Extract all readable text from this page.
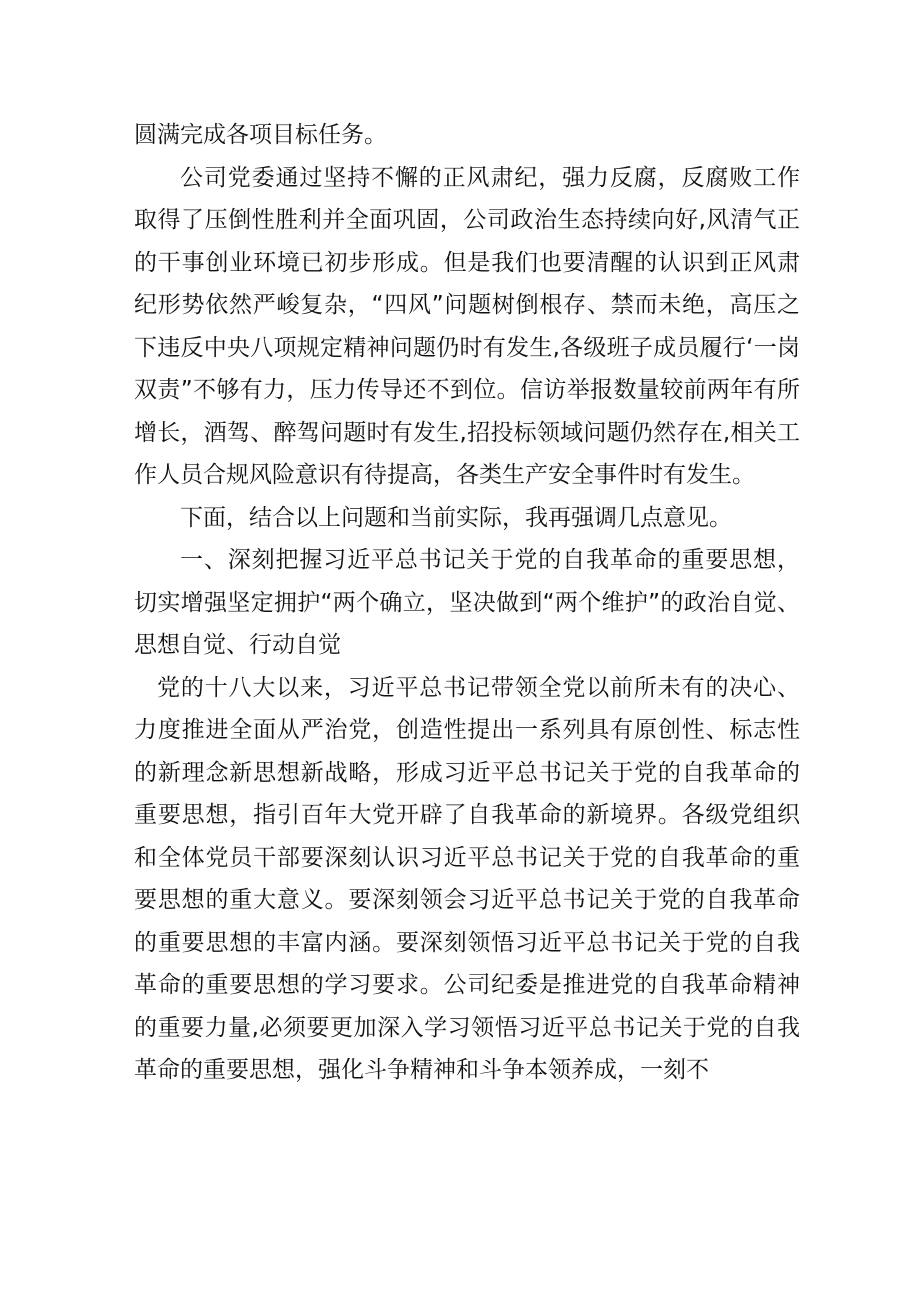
圆满完成各项目标任务。

公司党委通过坚持不懈的正风肃纪，强力反腐，反腐败工作取得了压倒性胜利并全面巩固，公司政治生态持续向好,风清气正的干事创业环境已初步形成。但是我们也要清醒的认识到正风肃纪形势依然严峻复杂，“四风”问题树倒根存、禁而未绝，高压之下违反中央八项规定精神问题仍时有发生,各级班子成员履行‘一岗双责”不够有力，压力传导还不到位。信访举报数量较前两年有所增长，酒驾、醉驾问题时有发生,招投标领域问题仍然存在,相关工作人员合规风险意识有待提高，各类生产安全事件时有发生。

下面，结合以上问题和当前实际，我再强调几点意见。

一、深刻把握习近平总书记关于党的自我革命的重要思想，切实增强坚定拥护“两个确立，坚决做到“两个维护”的政治自觉、思想自觉、行动自觉

党的十八大以来，习近平总书记带领全党以前所未有的决心、力度推进全面从严治党，创造性提出一系列具有原创性、标志性的新理念新思想新战略，形成习近平总书记关于党的自我革命的重要思想，指引百年大党开辟了自我革命的新境界。各级党组织和全体党员干部要深刻认识习近平总书记关于党的自我革命的重要思想的重大意义。要深刻领会习近平总书记关于党的自我革命的重要思想的丰富内涵。要深刻领悟习近平总书记关于党的自我革命的重要思想的学习要求。公司纪委是推进党的自我革命精神的重要力量,必须要更加深入学习领悟习近平总书记关于党的自我革命的重要思想，强化斗争精神和斗争本领养成，一刻不
